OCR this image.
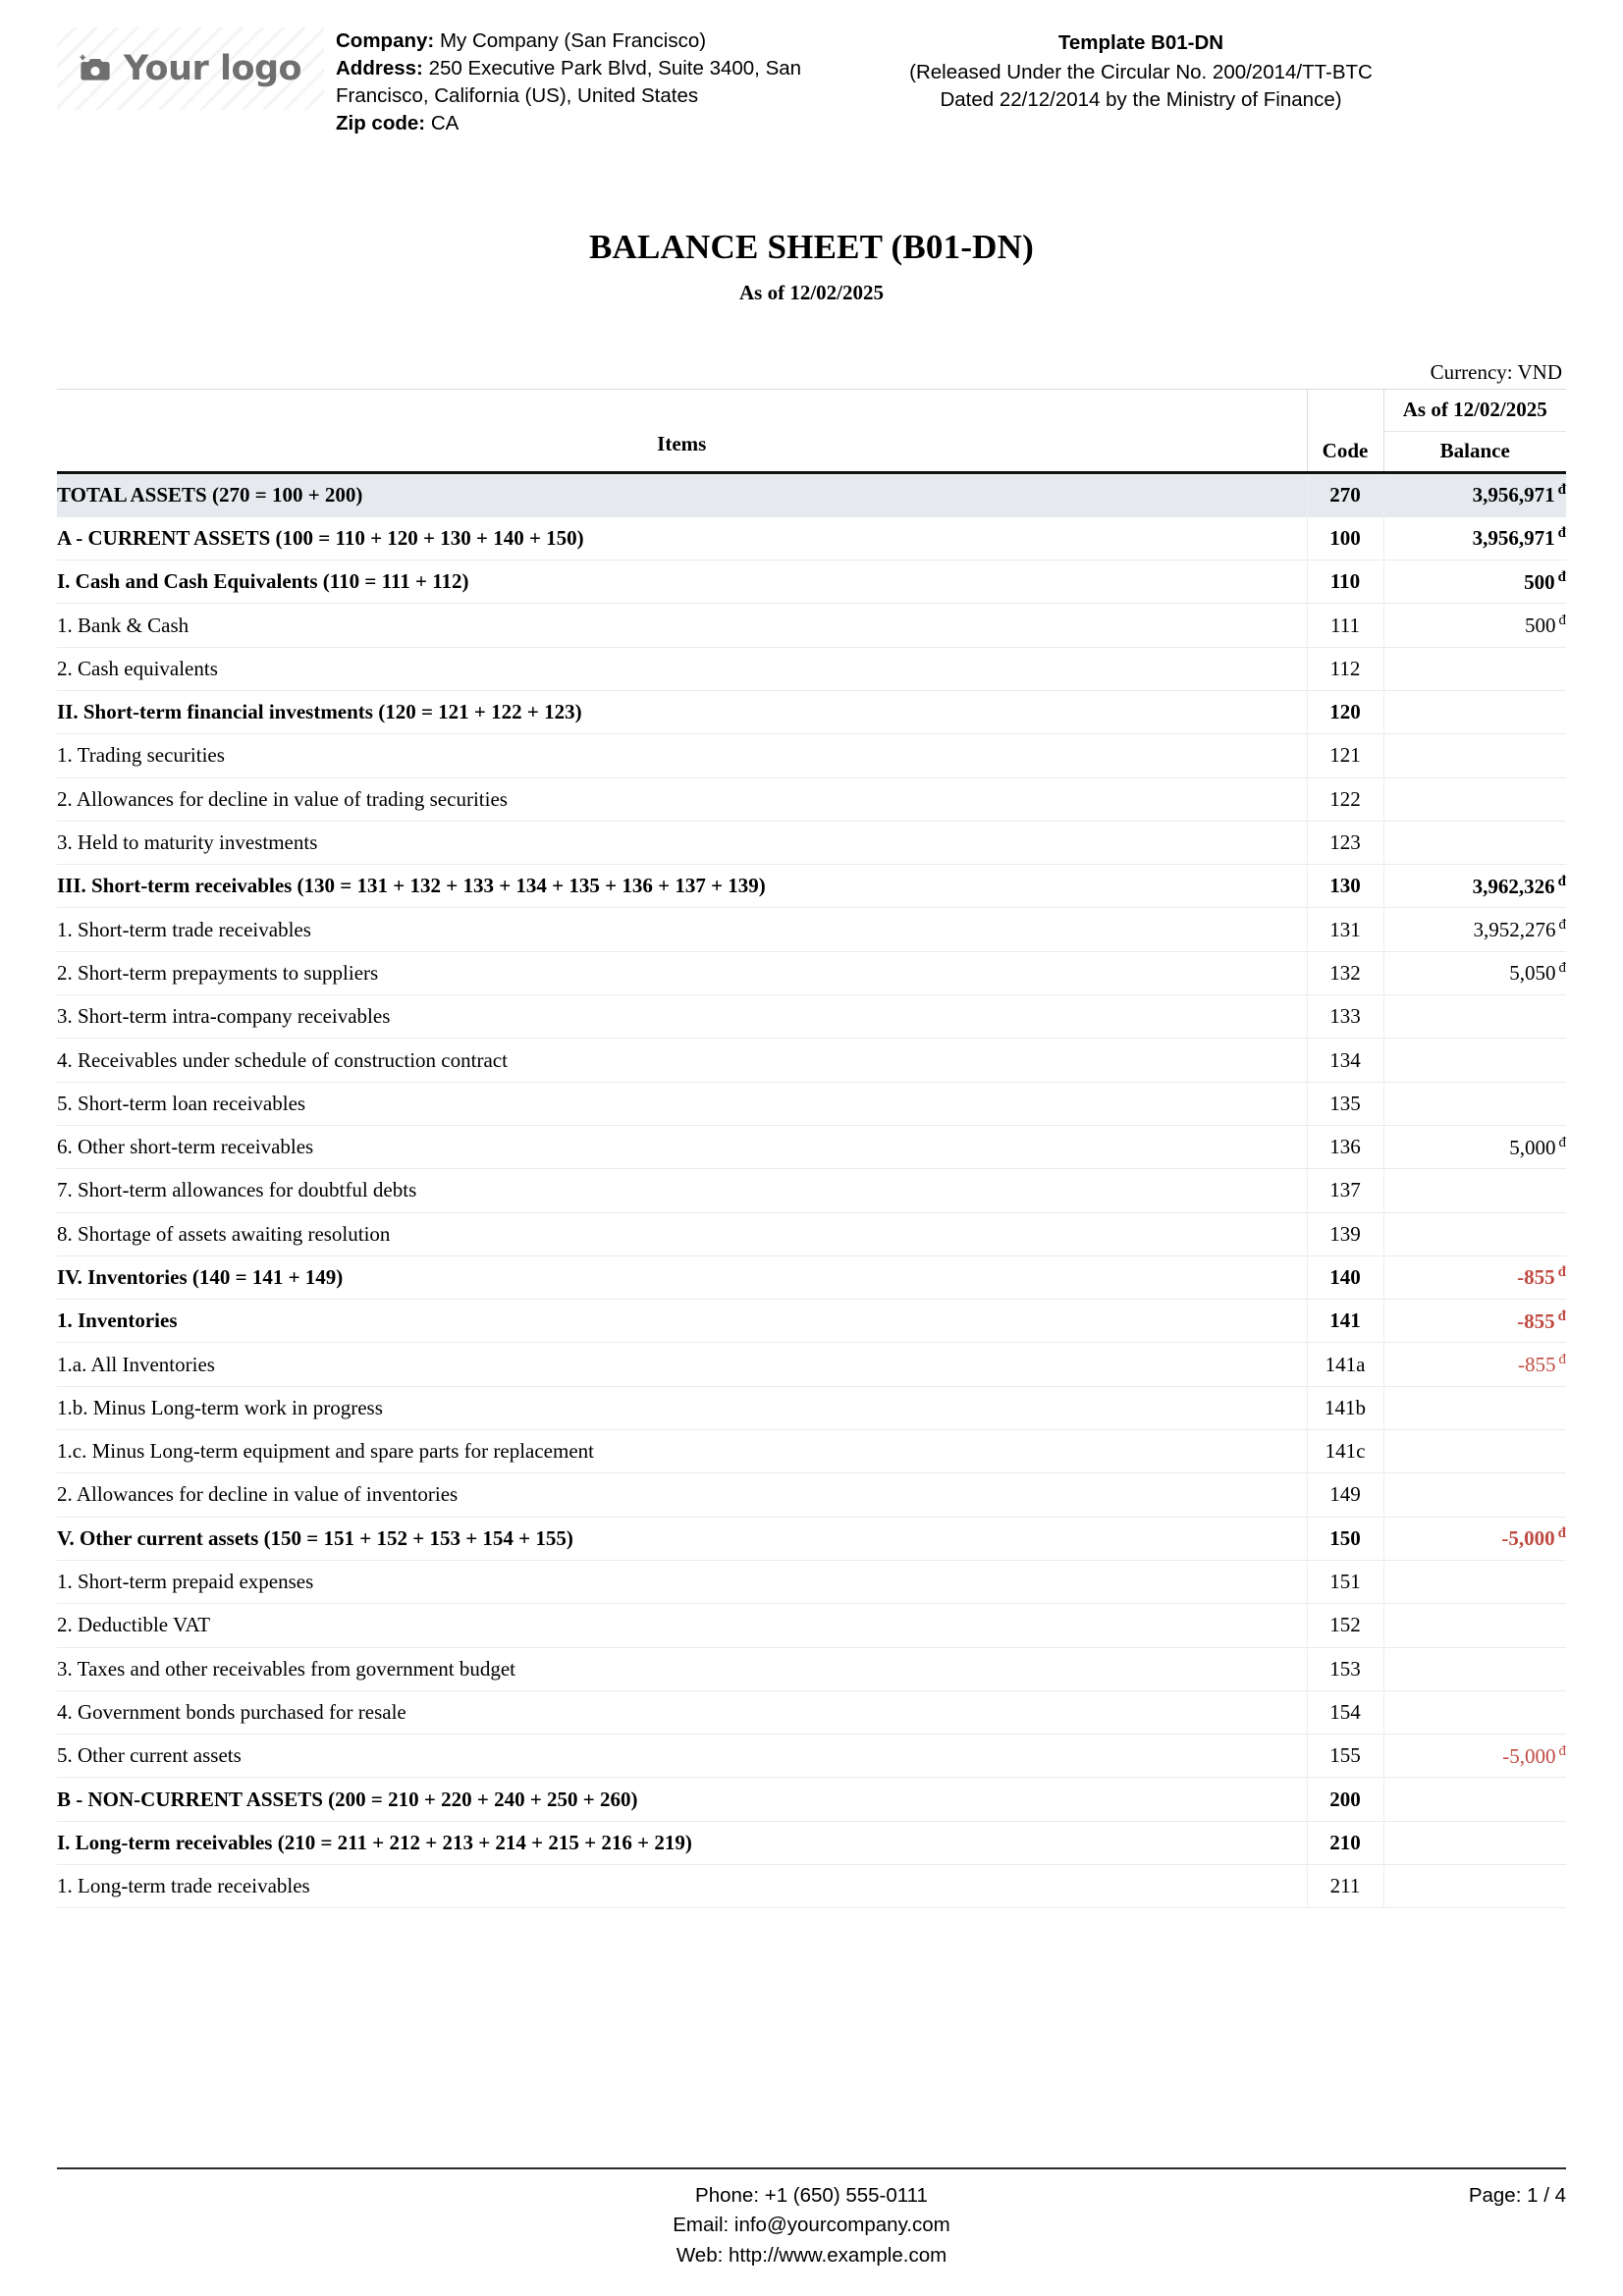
Your logo
Company: My Company (San Francisco)
Address: 250 Executive Park Blvd, Suite 3400, San Francisco, California (US), United States
Zip code: CA
Template B01-DN
(Released Under the Circular No. 200/2014/TT-BTC
Dated 22/12/2014 by the Ministry of Finance)
BALANCE SHEET (B01-DN)
As of 12/02/2025
Currency: VND
		As of 12/02/2025
Items	Code	Balance
TOTAL ASSETS (270 = 100 + 200)	270	3,956,971 $^đ$
A - CURRENT ASSETS (100 = 110 + 120 + 130 + 140 + 150)	100	3,956,971 $^đ$
I. Cash and Cash Equivalents (110 = 111 + 112)	110	500 $^đ$
1. Bank & Cash	111	500 $^đ$
2. Cash equivalents	112	
II. Short-term financial investments (120 = 121 + 122 + 123)	120	
1. Trading securities	121	
2. Allowances for decline in value of trading securities	122	
3. Held to maturity investments	123	
III. Short-term receivables (130 = 131 + 132 + 133 + 134 + 135 + 136 + 137 + 139)	130	3,962,326 $^đ$
1. Short-term trade receivables	131	3,952,276 $^đ$
2. Short-term prepayments to suppliers	132	5,050 $^đ$
3. Short-term intra-company receivables	133	
4. Receivables under schedule of construction contract	134	
5. Short-term loan receivables	135	
6. Other short-term receivables	136	5,000 $^đ$
7. Short-term allowances for doubtful debts	137	
8. Shortage of assets awaiting resolution	139	
IV. Inventories (140 = 141 + 149)	140	-855 $^đ$
1. Inventories	141	-855 $^đ$
1.a. All Inventories	141a	-855 $^đ$
1.b. Minus Long-term work in progress	141b	
1.c. Minus Long-term equipment and spare parts for replacement	141c	
2. Allowances for decline in value of inventories	149	
V. Other current assets (150 = 151 + 152 + 153 + 154 + 155)	150	-5,000 $^đ$
1. Short-term prepaid expenses	151	
2. Deductible VAT	152	
3. Taxes and other receivables from government budget	153	
4. Government bonds purchased for resale	154	
5. Other current assets	155	-5,000 $^đ$
B - NON-CURRENT ASSETS (200 = 210 + 220 + 240 + 250 + 260)	200	
I. Long-term receivables (210 = 211 + 212 + 213 + 214 + 215 + 216 + 219)	210	
1. Long-term trade receivables	211	
Phone: +1 (650) 555-0111
Email: info@yourcompany.com
Web: http://www.example.com
Page: 1 / 4
